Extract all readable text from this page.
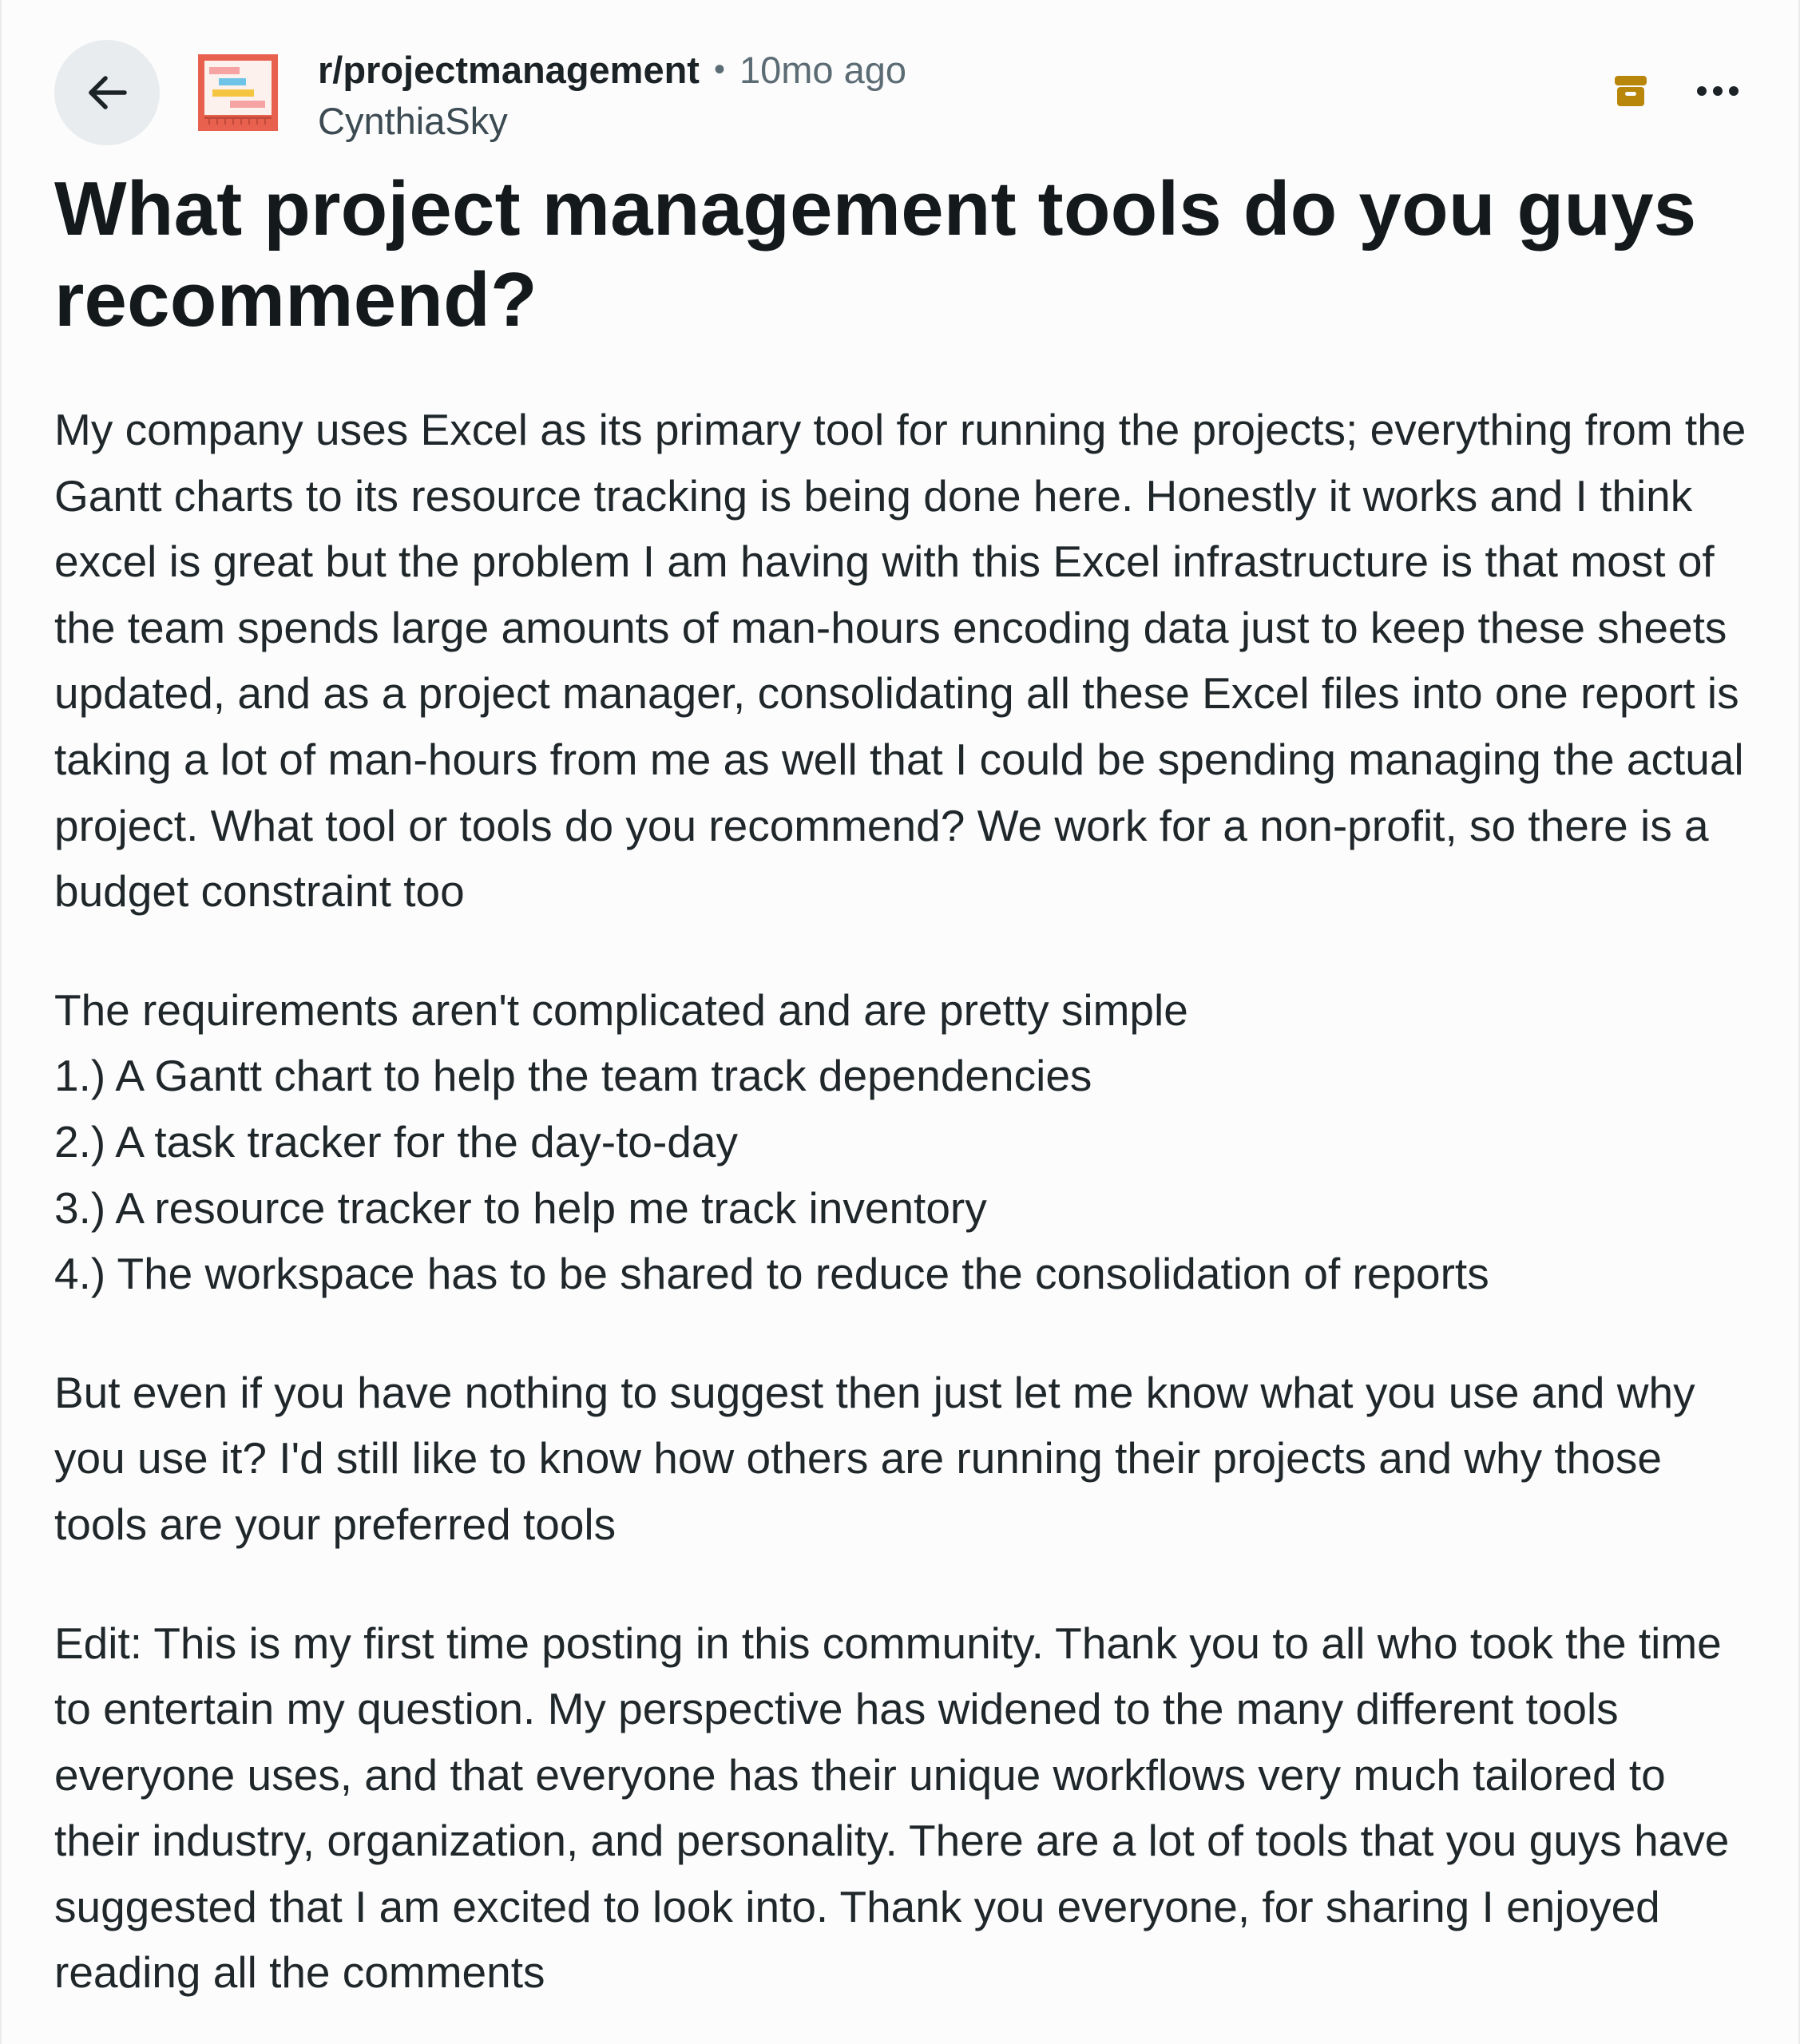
r/projectmanagement • 10mo ago
CynthiaSky
What project management tools do you guys recommend?

My company uses Excel as its primary tool for running the projects; everything from the Gantt charts to its resource tracking is being done here. Honestly it works and I think excel is great but the problem I am having with this Excel infrastructure is that most of the team spends large amounts of man-hours encoding data just to keep these sheets updated, and as a project manager, consolidating all these Excel files into one report is taking a lot of man-hours from me as well that I could be spending managing the actual project. What tool or tools do you recommend? We work for a non-profit, so there is a budget constraint too

The requirements aren't complicated and are pretty simple

1.) A Gantt chart to help the team track dependencies

2.) A task tracker for the day-to-day

3.) A resource tracker to help me track inventory

4.) The workspace has to be shared to reduce the consolidation of reports

But even if you have nothing to suggest then just let me know what you use and why you use it? I'd still like to know how others are running their projects and why those tools are your preferred tools

Edit: This is my first time posting in this community. Thank you to all who took the time to entertain my question. My perspective has widened to the many different tools everyone uses, and that everyone has their unique workflows very much tailored to their industry, organization, and personality. There are a lot of tools that you guys have suggested that I am excited to look into. Thank you everyone, for sharing I enjoyed reading all the comments
